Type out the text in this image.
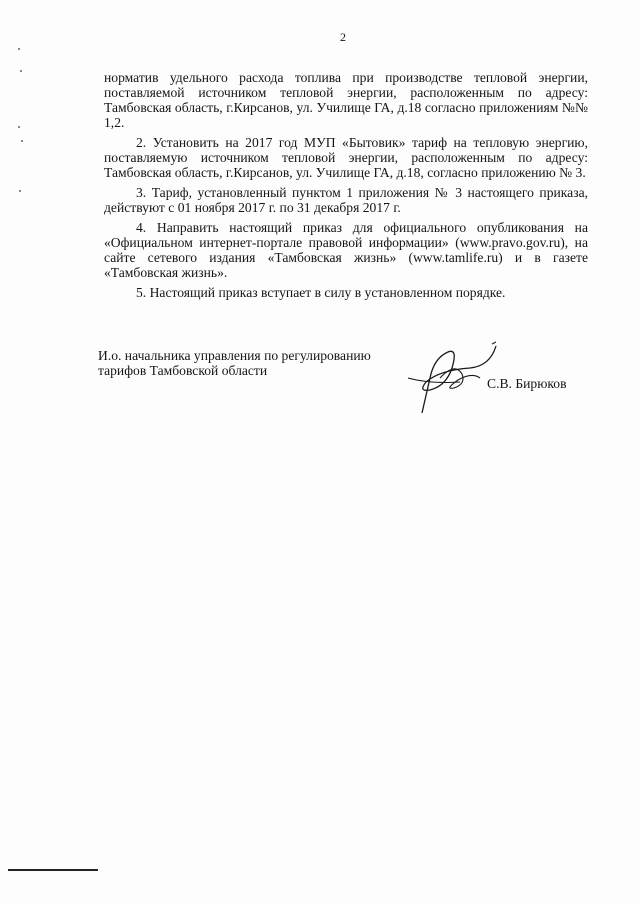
2

норматив удельного расхода топлива при производстве тепловой энергии, поставляемой источником тепловой энергии, расположенным по адресу: Тамбовская область, г.Кирсанов, ул. Училище ГА, д.18 согласно приложениям №№ 1,2.

2. Установить на 2017 год МУП «Бытовик» тариф на тепловую энергию, поставляемую источником тепловой энергии, расположенным по адресу: Тамбовская область, г.Кирсанов, ул. Училище ГА, д.18, согласно приложению № 3.

3. Тариф, установленный пунктом 1 приложения № 3 настоящего приказа, действуют с 01 ноября 2017 г. по 31 декабря 2017 г.

4. Направить настоящий приказ для официального опубликования на «Официальном интернет-портале правовой информации» (www.pravo.gov.ru), на сайте сетевого издания «Тамбовская жизнь» (www.tamlife.ru) и в газете «Тамбовская жизнь».

5. Настоящий приказ вступает в силу в установленном порядке.

И.о. начальника управления по регулированию
тарифов Тамбовской области
С.В. Бирюков
